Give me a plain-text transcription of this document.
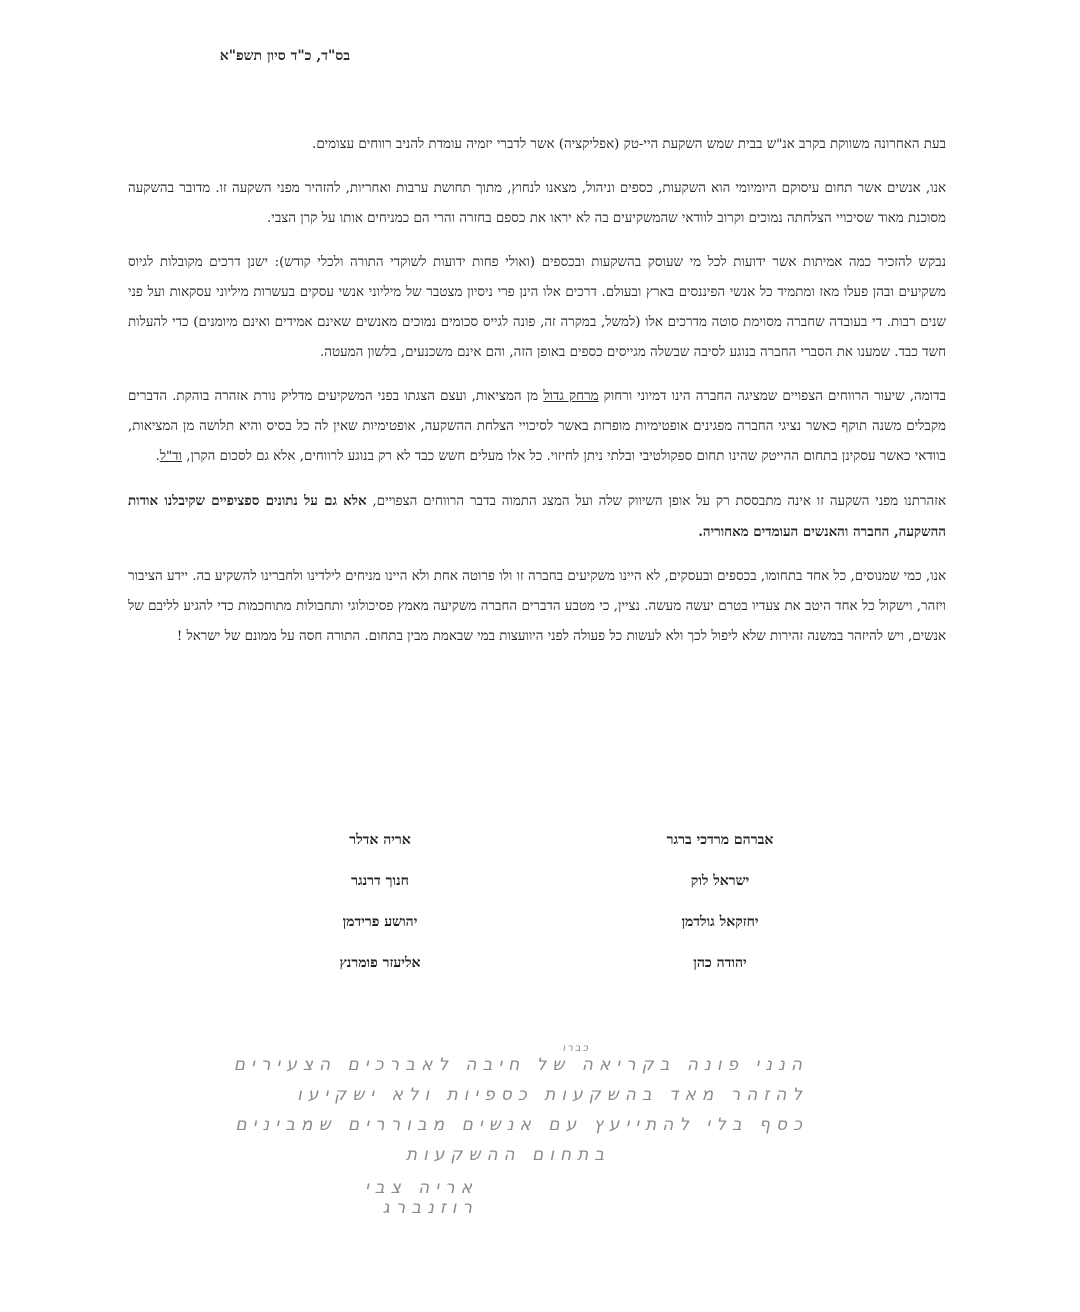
בס"ד, כ"ד סיון תשפ"א

בעת האחרונה משווקת בקרב אנ"ש בבית שמש השקעת היי-טק (אפליקציה) אשר לדברי יזמיה עומדת להניב רווחים עצומים.

אנו, אנשים אשר תחום עיסוקם היומיומי הוא השקעות, כספים וניהול, מצאנו לנחוץ, מתוך תחושת ערבות ואחריות, להזהיר מפני השקעה זו. מדובר בהשקעה מסוכנת מאוד שסיכויי הצלחתה נמוכים וקרוב לוודאי שהמשקיעים בה לא יראו את כספם בחזרה והרי הם כמניחים אותו על קרן הצבי.

נבקש להזכיר כמה אמיתות אשר ידועות לכל מי שעוסק בהשקעות ובכספים (ואולי פחות ידועות לשוקדי התורה ולכלי קודש): ישנן דרכים מקובלות לגיוס משקיעים ובהן פעלו מאז ומתמיד כל אנשי הפיננסים בארץ ובעולם. דרכים אלו הינן פרי ניסיון מצטבר של מיליוני אנשי עסקים בעשרות מיליוני עסקאות ועל פני שנים רבות. די בעובדה שחברה מסוימת סוטה מדרכים אלו (למשל, במקרה זה, פונה לגייס סכומים נמוכים מאנשים שאינם אמידים ואינם מיומנים) כדי להעלות חשד כבד. שמענו את הסברי החברה בנוגע לסיבה שבשלה מגייסים כספים באופן הזה, והם אינם משכנעים, בלשון המעטה.

בדומה, שיעור הרווחים הצפויים שמציגה החברה הינו דמיוני ורחוק מרחק גדול מן המציאות, ועצם הצגתו בפני המשקיעים מדליק נורת אזהרה בוהקת. הדברים מקבלים משנה תוקף כאשר נציגי החברה מפגינים אופטימיות מופרזת באשר לסיכויי הצלחת ההשקעה, אופטימיות שאין לה כל בסיס והיא תלושה מן המציאות, בוודאי כאשר עסקינן בתחום ההייטק שהינו תחום ספקולטיבי ובלתי ניתן לחיזוי. כל אלו מעלים חשש כבד לא רק בנוגע לרווחים, אלא גם לסכום הקרן, וד"ל.

אזהרתנו מפני השקעה זו אינה מתבססת רק על אופן השיווק שלה ועל המצג התמוה בדבר הרווחים הצפויים, אלא גם על נתונים ספציפיים שקיבלנו אודות ההשקעה, החברה והאנשים העומדים מאחוריה.

אנו, כמי שמנוסים, כל אחד בתחומו, בכספים ובעסקים, לא היינו משקיעים בחברה זו ולו פרוטה אחת ולא היינו מניחים לילדינו ולחברינו להשקיע בה. יידע הציבור ויזהר, וישקול כל אחד היטב את צעדיו בטרם יעשה מעשה. נציין, כי מטבע הדברים החברה משקיעה מאמץ פסיכולוגי ותחבולות מתוחכמות כדי להגיע לליבם של אנשים, ויש להיזהר במשנה זהירות שלא ליפול לכך ולא לעשות כל פעולה לפני היוועצות במי שבאמת מבין בתחום. התורה חסה על ממונם של ישראל !

אברהם מרדכי ברגר
ישראל לוק
יחזקאל גולדמן
יהודה כהן
אריה אדלר
חנוך דרנגר
יהושע פרידמן
אליעזר פומרנץ
כברו
הנני פונה בקריאה של חיבה לאברכים הצעירים
להזהר מאד בהשקעות כספיות ולא ישקיעו
כסף בלי להתייעץ עם אנשים מבוררים שמבינים
בתחום ההשקעות
אריה צבי רוזנברג
